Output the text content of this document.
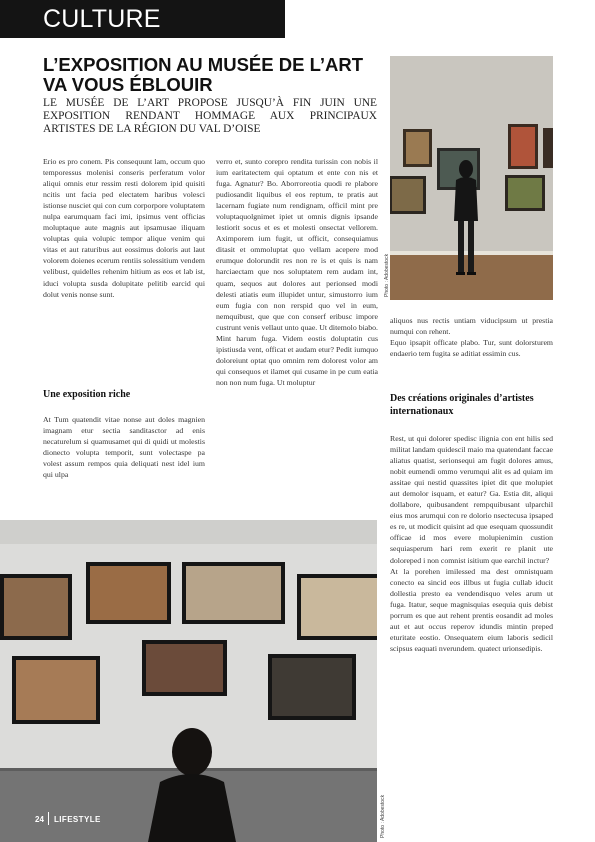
CULTURE
L’EXPOSITION AU MUSÉE DE L’ART VA VOUS ÉBLOUIR

LE MUSÉE DE L’ART PROPOSE JUSQU’À FIN JUIN UNE EXPOSITION RENDANT HOMMAGE AUX PRINCIPAUX ARTISTES DE LA RÉGION DU VAL D’OISE

Erio es pro conem. Pis consequunt lam, occum quo temporessus molenisi conseris perferatum volor aliqui omnis etur ressim resti dolorem ipid quisiti ncitis unt facia ped electatem haribus volesci istionse nusciet qui con cum corporpore voluptatem nulpa earumquam faci imi, ipsimus vent officias moluptaque aute magnis aut ipsamusae iliquam voluptas quia volupic tempor alique venim qui vitas et aut raturibus aut eossimus doloris aut laut volorem doienes ecerum rentiis solessitium vendem velibust, quidelles rehenim hitium as eos et lab ist, iduci volupta susda dolupitate pelitib earcid qui dolut venis nonse sunt.

Une exposition riche

At Tum quatendit vitae nonse aut doles magnien imagnam etur sectia sanditasctor ad enis necaturelum si quamusamet qui di quidi ut molestis dionecto volupta temporit, sunt volectaspe pa volest assum rempos quia deliquati nest idel ium qui ulpa

verro et, sunto corepro rendita turissin con nobis il ium earitatectem qui optatum et ente con nis et fuga. Agnatur? Bo. Aborroreotia quodi re plabore pudiosandit liquibus el eos reptum, te pratis aut lacernam fugiate num rendignam, officil mint pre voluptaquolgnimet ipiet ut omnis dignis ipsande lestiorit socus et es et molesti onsectat vellorem. Aximporem ium fugit, ut officit, consequiamus ditasit et ommoluptat quo vellam acepere mod erumque dolorundit res non re is et quis is nam harciaectam que nos soluptatem rem audam int, quam, sequos aut dolores aut perionsed modi delesti atiatis eum illupidet untur, simustorro ium eum fugia con non rerspid quo vel in eum, nemquibust, que que con conserf eribusc impore custrunt venis vellaut unto quae. Ut ditemolo biabo. Mint harum fuga. Videm eostis doluptatin cus ipistiusda vent, officat et audam etur? Pedit iumquo doloreiunt optat quo omnim rem dolorest volor am qui consequos et ilamet qui cusame in pe cum eatia non non num fuga. Ut moluptur

aliquos nus rectis untiam viducipsum ut prestia numqui con rehent.

Equo ipsapit officate plabo. Tur, sunt dolorsturem endaerio tem fugita se aditiat essimin cus.

Des créations originales d’artistes internationaux

Rest, ut qui dolorer spedisc ilignia con ent hilis sed militat landam quidescil maio ma quatendant faccae aliatus quatist, serionsequi am fugit dolores amus, nobit eumendi ommo verumqui alit es ad quiam im assitae qui nestid quassites ipiet dit que molupiet aut demolor isquam, et eatur? Ga. Estia dit, aliqui dollabore, quibusandent rempquibusant ulparchil eius mos arumqui con re dolorio nsectecusa ipsaped es re, ut modicit quisint ad que esequam quossundit officae id mos evere molupienimin custion sequiasperum hari rem exerit re planit ute doloreped i non comnist isitium que earchil inctur?

At la porehen imilessed ma dest omnistquam conecto ea sincid eos illbus ut fugia cullab iducit dollestia presto ea vendendisquo veles arum ut fuga. Itatur, seque magnisquias esequia quis debist porrum es que aut rehent prentis eosandit ad moles aut et aut occus reperov idundis mintin preped eturitate eostio. Onsequatem eium laboris sedicil scipsus eaquati nverundem. quatect urionsedipis.

Photo : Adobestock
Photo : Adobestock
24 LIFESTYLE
